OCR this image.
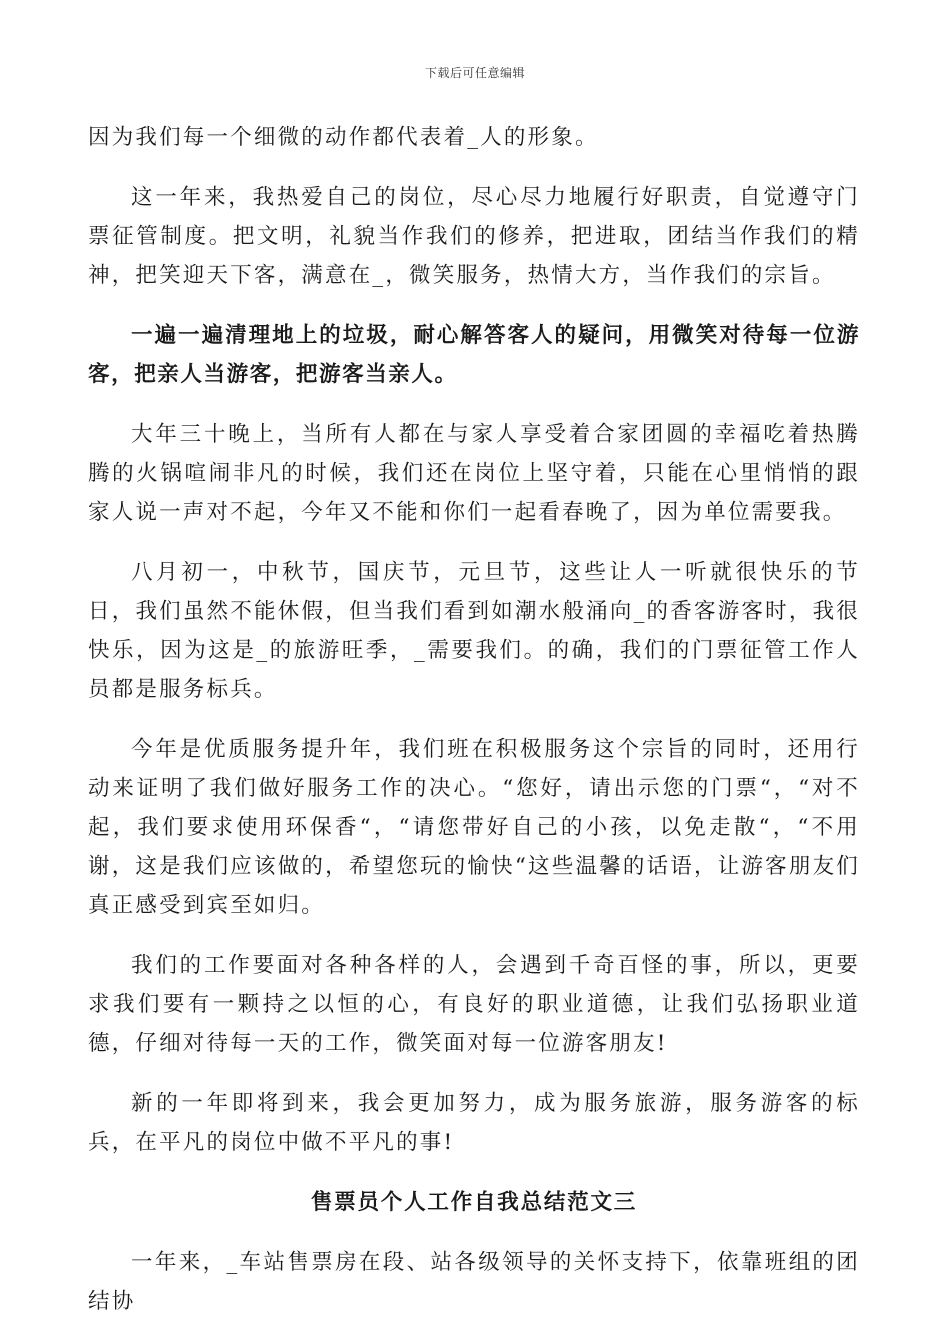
下载后可任意编辑

因为我们每一个细微的动作都代表着_人的形象。

这一年来，我热爱自己的岗位，尽心尽力地履行好职责，自觉遵守门票征管制度。把文明，礼貌当作我们的修养，把进取，团结当作我们的精神，把笑迎天下客，满意在_，微笑服务，热情大方，当作我们的宗旨。

一遍一遍清理地上的垃圾，耐心解答客人的疑问，用微笑对待每一位游客，把亲人当游客，把游客当亲人。

大年三十晚上，当所有人都在与家人享受着合家团圆的幸福吃着热腾腾的火锅喧闹非凡的时候，我们还在岗位上坚守着，只能在心里悄悄的跟家人说一声对不起，今年又不能和你们一起看春晚了，因为单位需要我。

八月初一，中秋节，国庆节，元旦节，这些让人一听就很快乐的节日，我们虽然不能休假，但当我们看到如潮水般涌向_的香客游客时，我很快乐，因为这是_的旅游旺季，_需要我们。的确，我们的门票征管工作人员都是服务标兵。

今年是优质服务提升年，我们班在积极服务这个宗旨的同时，还用行动来证明了我们做好服务工作的决心。“您好，请出示您的门票“，“对不起，我们要求使用环保香“，“请您带好自己的小孩，以免走散“，“不用谢，这是我们应该做的，希望您玩的愉快“这些温馨的话语，让游客朋友们真正感受到宾至如归。

我们的工作要面对各种各样的人，会遇到千奇百怪的事，所以，更要求我们要有一颗持之以恒的心，有良好的职业道德，让我们弘扬职业道德，仔细对待每一天的工作，微笑面对每一位游客朋友!

新的一年即将到来，我会更加努力，成为服务旅游，服务游客的标兵，在平凡的岗位中做不平凡的事!

售票员个人工作自我总结范文三

一年来，_车站售票房在段、站各级领导的关怀支持下，依靠班组的团结协
